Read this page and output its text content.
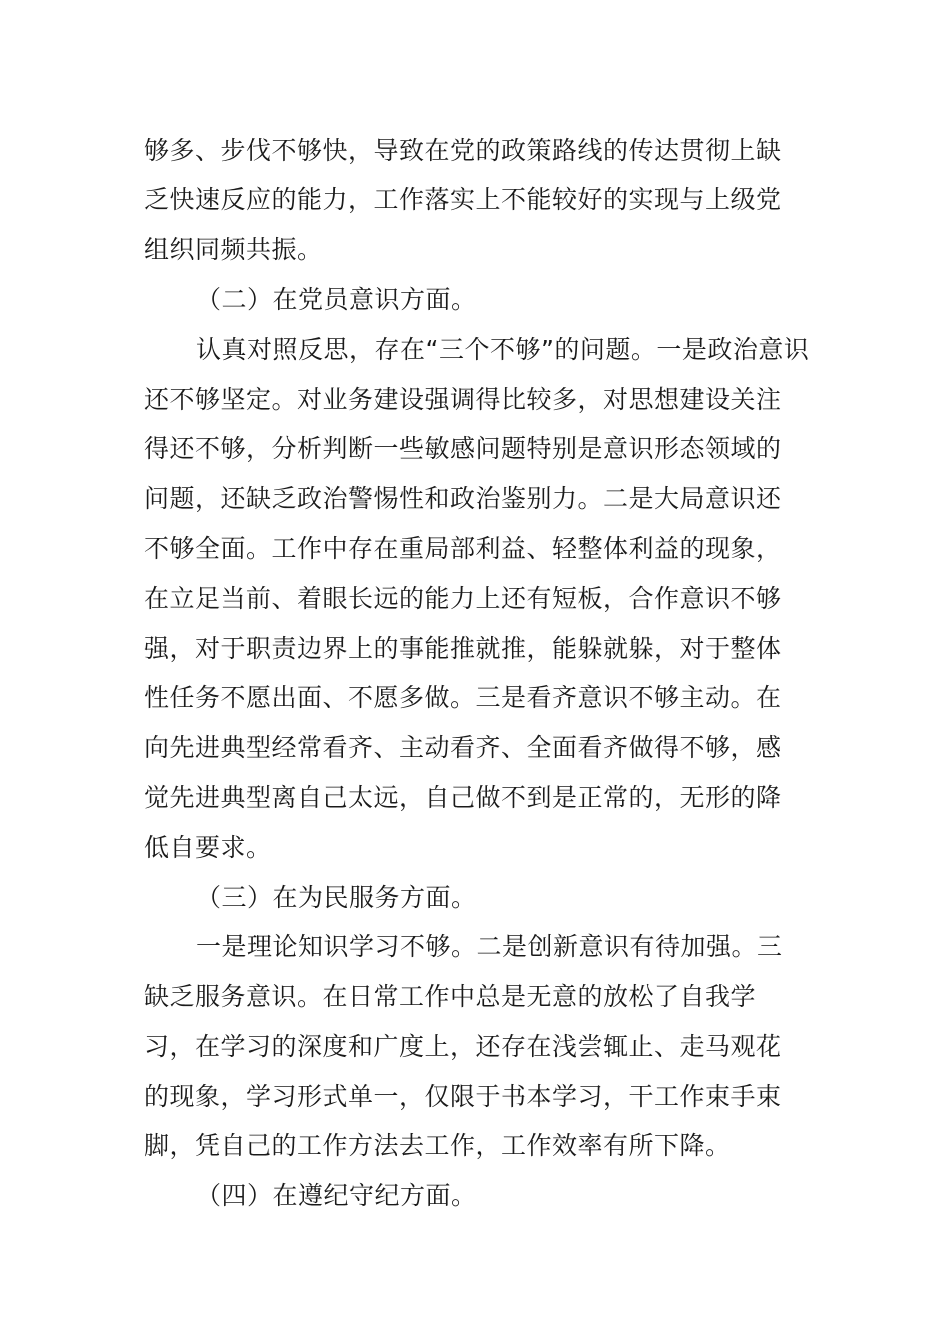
够多、步伐不够快，导致在党的政策路线的传达贯彻上缺
乏快速反应的能力，工作落实上不能较好的实现与上级党
组织同频共振。
（二）在党员意识方面。
认真对照反思，存在“三个不够”的问题。一是政治意识
还不够坚定。对业务建设强调得比较多，对思想建设关注
得还不够，分析判断一些敏感问题特别是意识形态领域的
问题，还缺乏政治警惕性和政治鉴别力。二是大局意识还
不够全面。工作中存在重局部利益、轻整体利益的现象，
在立足当前、着眼长远的能力上还有短板，合作意识不够
强，对于职责边界上的事能推就推，能躲就躲，对于整体
性任务不愿出面、不愿多做。三是看齐意识不够主动。在
向先进典型经常看齐、主动看齐、全面看齐做得不够，感
觉先进典型离自己太远，自己做不到是正常的，无形的降
低自要求。
（三）在为民服务方面。
一是理论知识学习不够。二是创新意识有待加强。三
缺乏服务意识。在日常工作中总是无意的放松了自我学
习，在学习的深度和广度上，还存在浅尝辄止、走马观花
的现象，学习形式单一，仅限于书本学习，干工作束手束
脚，凭自己的工作方法去工作，工作效率有所下降。
（四）在遵纪守纪方面。
